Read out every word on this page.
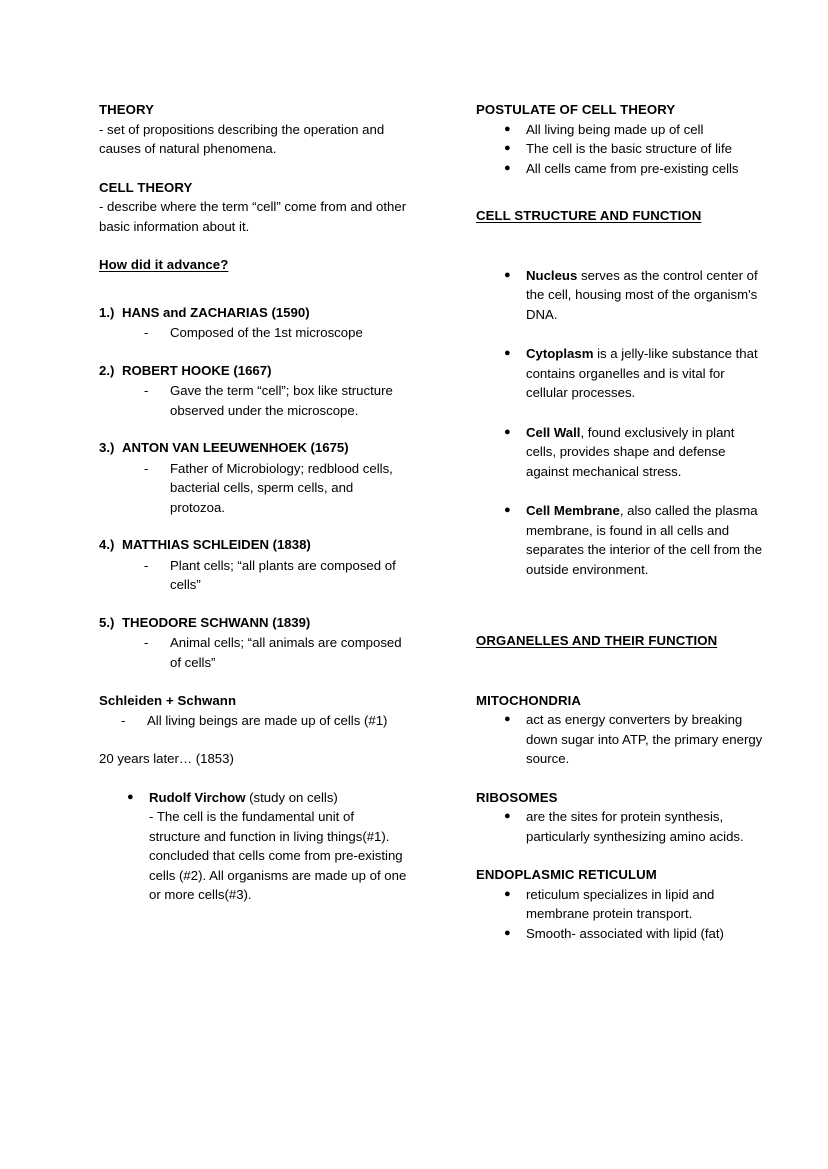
THEORY
- set of propositions describing the operation and causes of natural phenomena.
CELL THEORY
- describe where the term “cell” come from and other basic information about it.
How did it advance?
1.) HANS and ZACHARIAS (1590)
- Composed of the 1st microscope
2.) ROBERT HOOKE (1667)
- Gave the term “cell”; box like structure observed under the microscope.
3.) ANTON VAN LEEUWENHOEK (1675)
- Father of Microbiology; redblood cells, bacterial cells, sperm cells, and protozoa.
4.) MATTHIAS SCHLEIDEN (1838)
- Plant cells; “all plants are composed of cells”
5.) THEODORE SCHWANN (1839)
- Animal cells; “all animals are composed of cells”
Schleiden + Schwann
- All living beings are made up of cells (#1)
20 years later… (1853)
● Rudolf Virchow (study on cells)
- The cell is the fundamental unit of structure and function in living things(#1). concluded that cells come from pre-existing cells (#2). All organisms are made up of one or more cells(#3).
POSTULATE OF CELL THEORY
● All living being made up of cell
● The cell is the basic structure of life
● All cells came from pre-existing cells
CELL STRUCTURE AND FUNCTION
● Nucleus serves as the control center of the cell, housing most of the organism's DNA.
● Cytoplasm is a jelly-like substance that contains organelles and is vital for cellular processes.
● Cell Wall, found exclusively in plant cells, provides shape and defense against mechanical stress.
● Cell Membrane, also called the plasma membrane, is found in all cells and separates the interior of the cell from the outside environment.
ORGANELLES AND THEIR FUNCTION
MITOCHONDRIA
● act as energy converters by breaking down sugar into ATP, the primary energy source.
RIBOSOMES
● are the sites for protein synthesis, particularly synthesizing amino acids.
ENDOPLASMIC RETICULUM
● reticulum specializes in lipid and membrane protein transport.
● Smooth- associated with lipid (fat)
